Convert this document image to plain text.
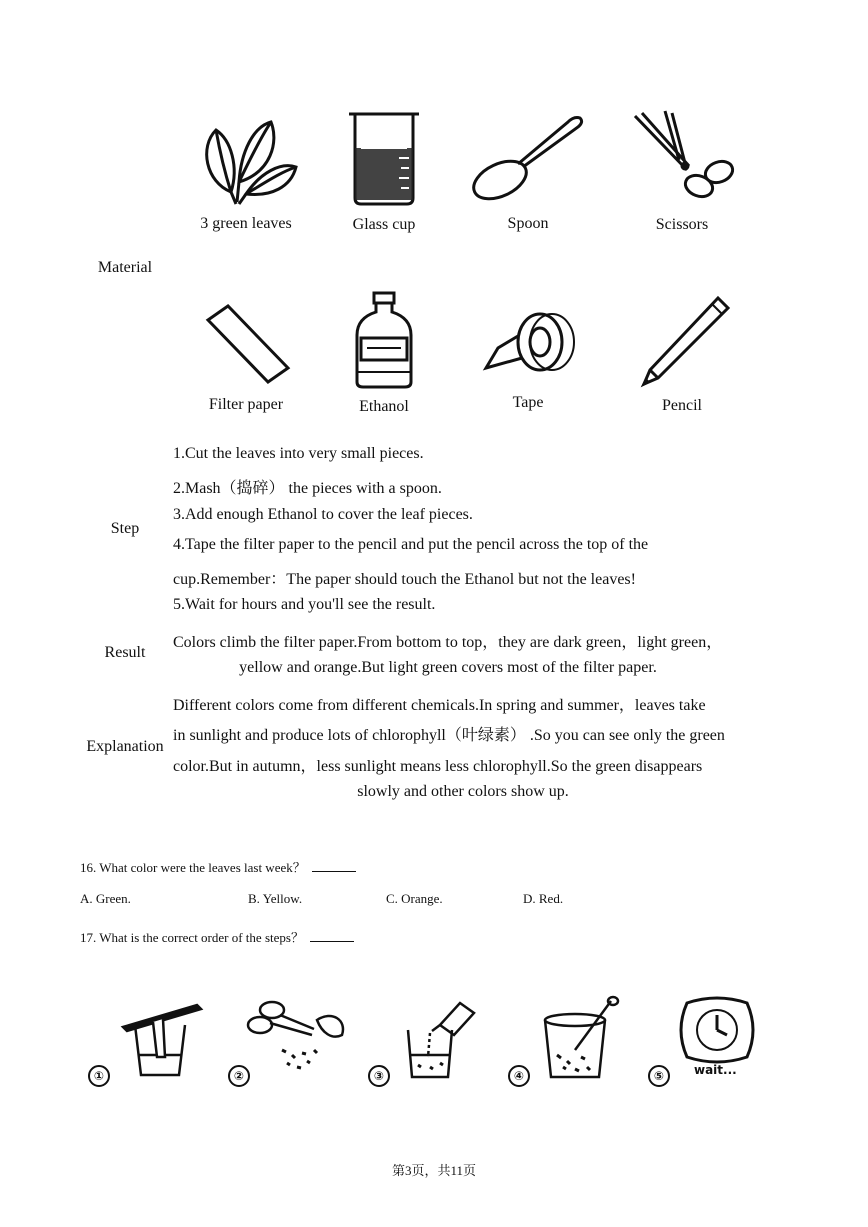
Material
3 green leaves	Glass cup	Spoon	Scissors
Filter paper	Ethanol	Tape	Pencil
Step
1.Cut the leaves into very small pieces.
2.Mash（捣碎） the pieces with a spoon.
3.Add enough Ethanol to cover the leaf pieces.
4.Tape the filter paper to the pencil and put the pencil across the top of the
cup.Remember：The paper should touch the Ethanol but not the leaves!
5.Wait for hours and you'll see the result.
Result
Colors climb the filter paper.From bottom to top，they are dark green，light green，
yellow and orange.But light green covers most of the filter paper.
Explanation
Different colors come from different chemicals.In spring and summer，leaves take
in sunlight and produce lots of chlorophyll（叶绿素） .So you can see only the green
color.But in autumn，less sunlight means less chlorophyll.So the green disappears
slowly and other colors show up.
16. What color were the leaves last week？
A. Green.	B. Yellow.	C. Orange.	D. Red.
17. What is the correct order of the steps？
①	②	③	④	⑤	wait...
第3页，共11页
